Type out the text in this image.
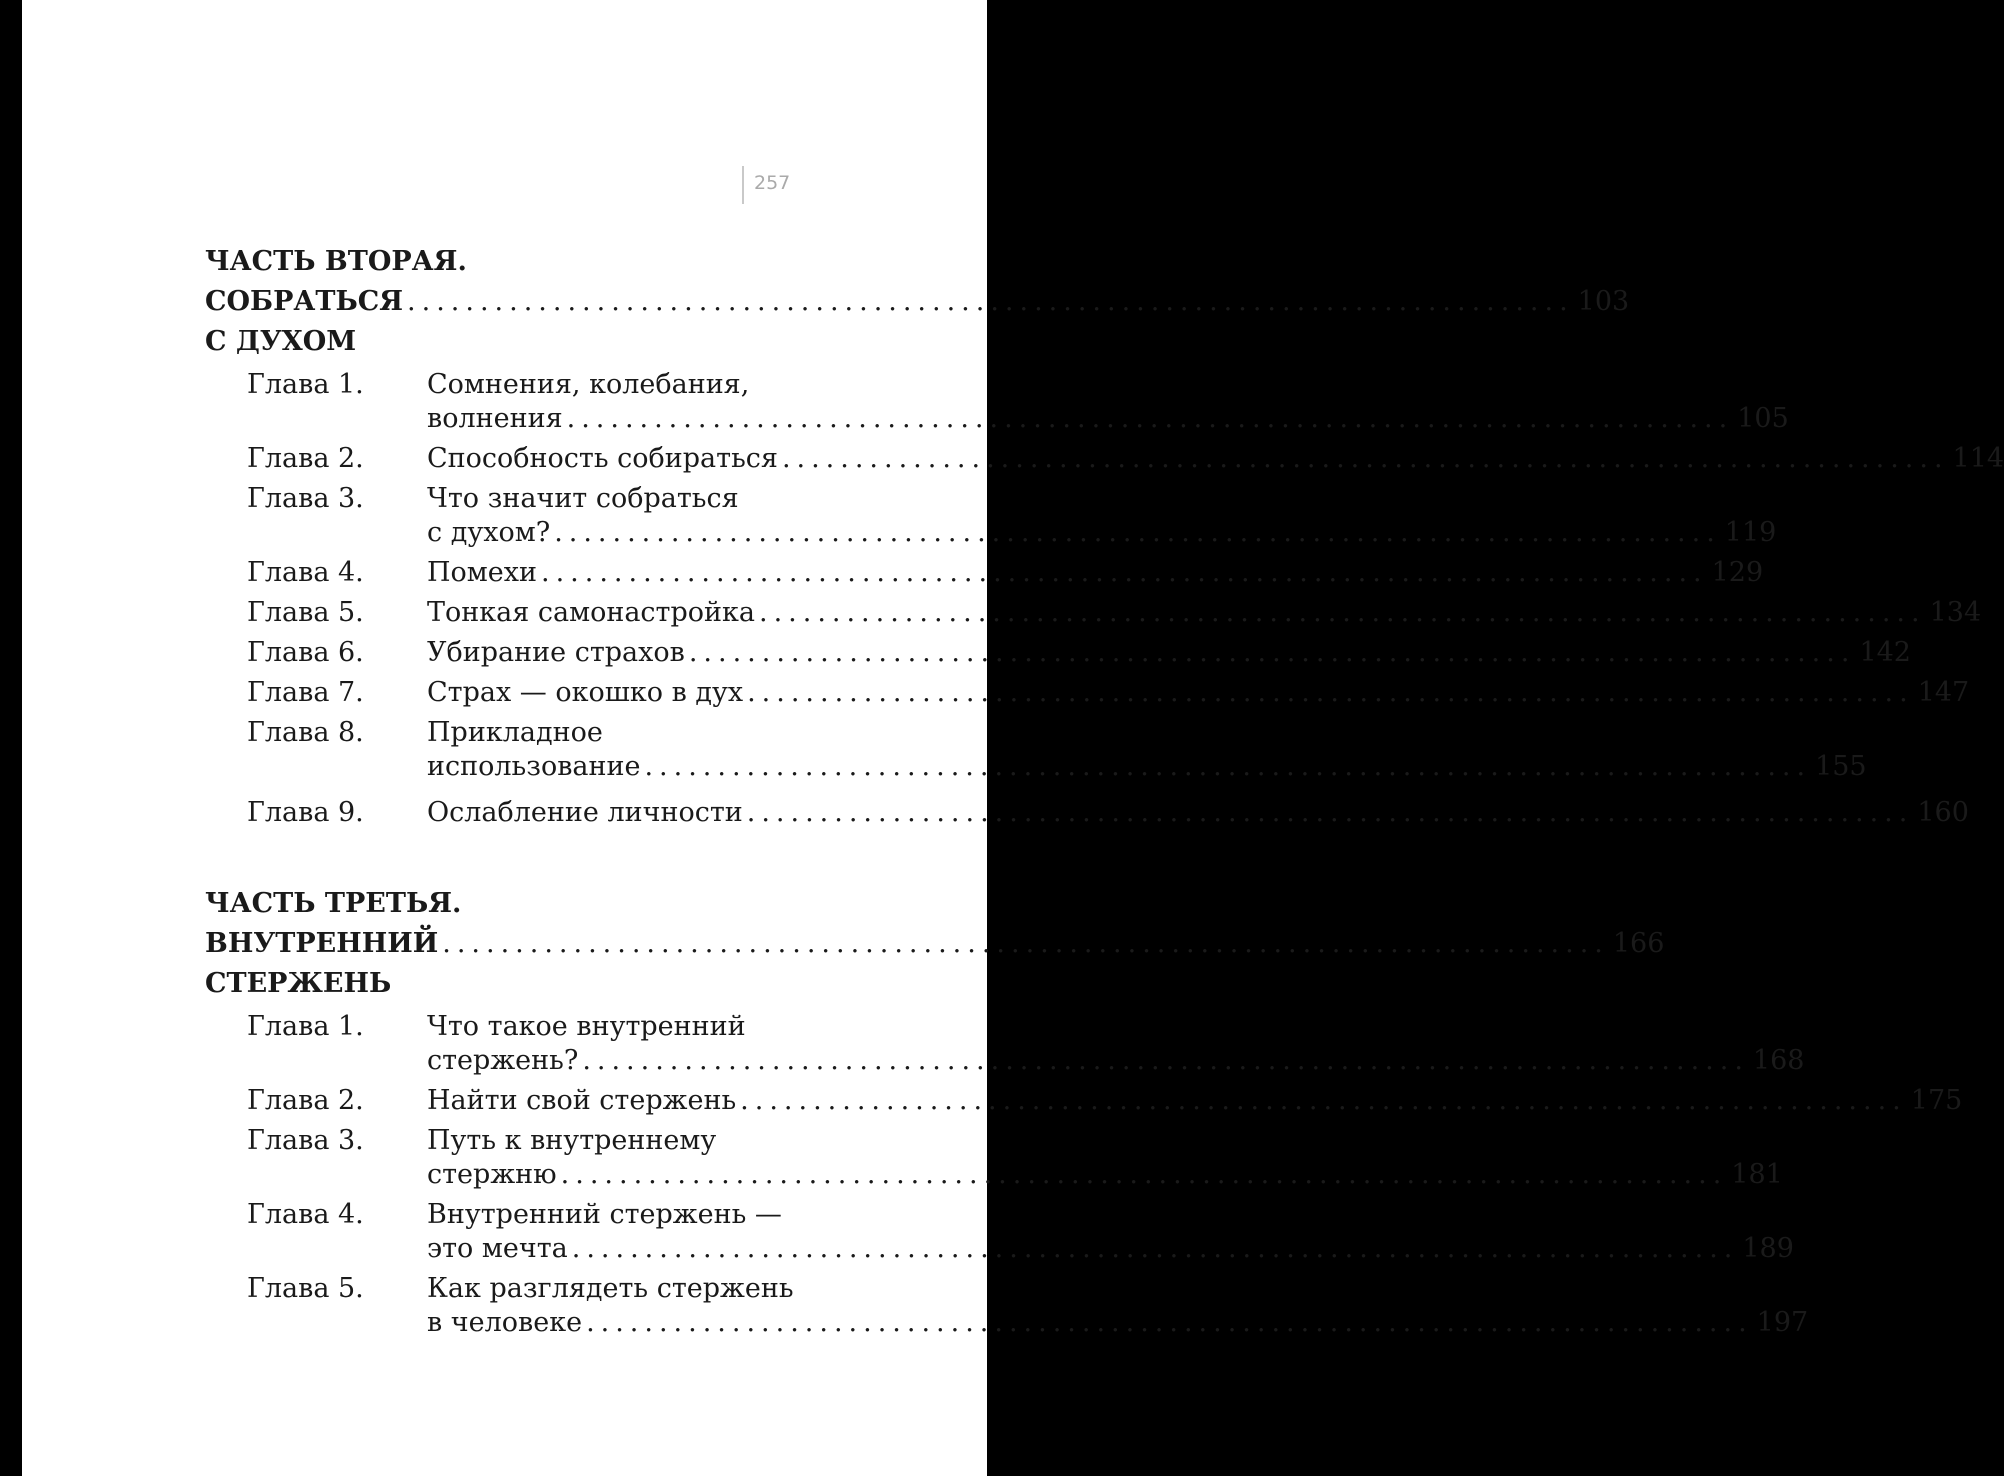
257
ЧАСТЬ ВТОРАЯ.
СОБРАТЬСЯ С ДУХОМ
................................................................................ 103
Глава 1.	Сомнения, колебания,
волнения ................................................................................ 105
Глава 2.	Способность собираться ................................................................................ 114
Глава 3.	Что значит собраться
с духом? ................................................................................ 119
Глава 4.	Помехи ................................................................................ 129
Глава 5.	Тонкая самонастройка ................................................................................ 134
Глава 6.	Убирание страхов ................................................................................ 142
Глава 7.	Страх — окошко в дух ................................................................................ 147
Глава 8.	Прикладное
использование ................................................................................ 155
Глава 9.	Ослабление личности ................................................................................ 160
ЧАСТЬ ТРЕТЬЯ.
ВНУТРЕННИЙ СТЕРЖЕНЬ
................................................................................ 166
Глава 1.	Что такое внутренний
стержень? ................................................................................ 168
Глава 2.	Найти свой стержень ................................................................................ 175
Глава 3.	Путь к внутреннему
стержню ................................................................................ 181
Глава 4.	Внутренний стержень —
это мечта ................................................................................ 189
Глава 5.	Как разглядеть стержень
в человеке ................................................................................ 197
